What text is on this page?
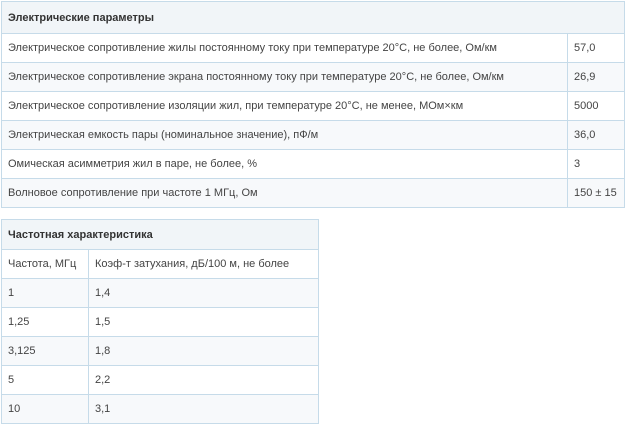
Электрические параметры	
Электрическое сопротивление жилы постоянному току при температуре 20°С, не более, Ом/км	57,0
Электрическое сопротивление экрана постоянному току при температуре 20°С, не более, Ом/км	26,9
Электрическое сопротивление изоляции жил, при температуре 20°С, не менее, МОм×км	5000
Электрическая емкость пары (номинальное значение), пФ/м	36,0
Омическая асимметрия жил в паре, не более, %	3
Волновое сопротивление при частоте 1 МГц, Ом	150 ± 15
Частотная характеристика	
Частота, МГц	Коэф-т затухания, дБ/100 м, не более
1	1,4
1,25	1,5
3,125	1,8
5	2,2
10	3,1
